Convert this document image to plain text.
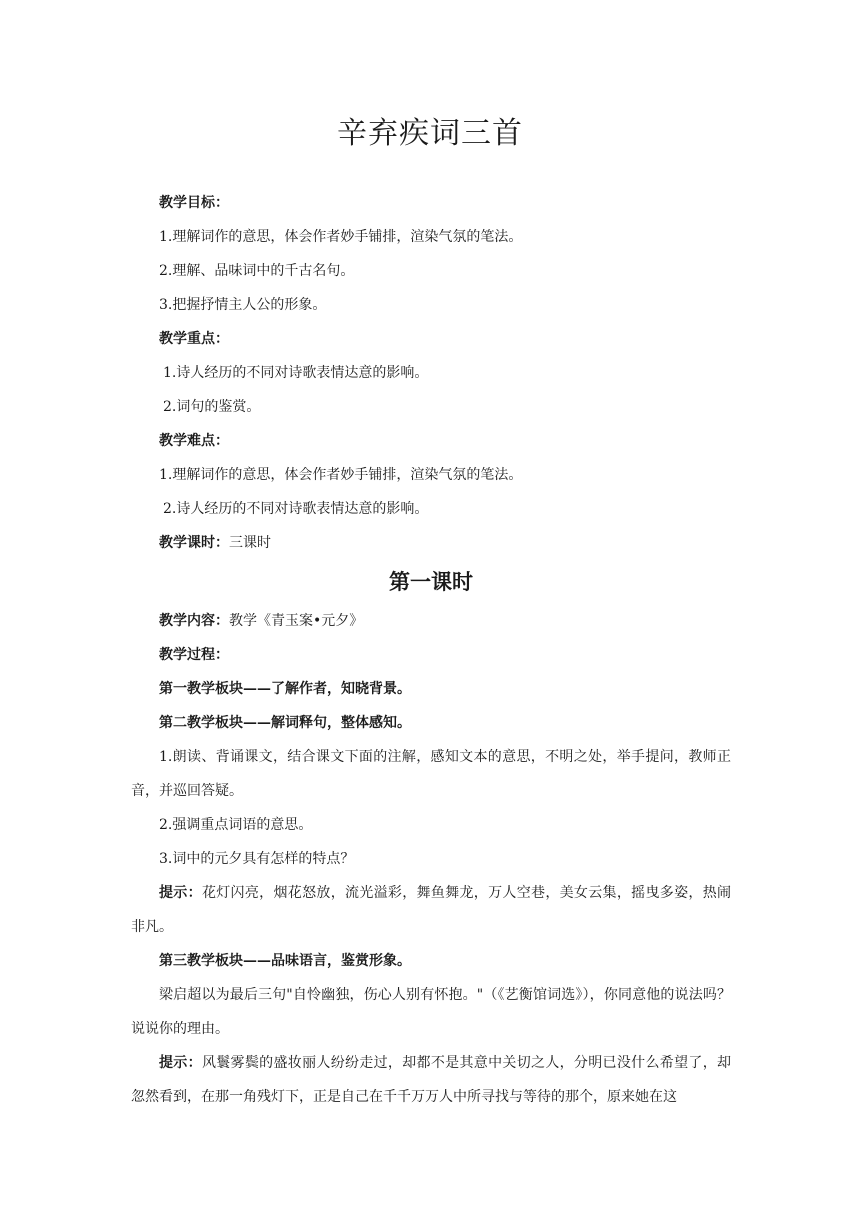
辛弃疾词三首

教学目标：

1.理解词作的意思，体会作者妙手铺排，渲染气氛的笔法。

2.理解、品味词中的千古名句。

3.把握抒情主人公的形象。

教学重点：

1.诗人经历的不同对诗歌表情达意的影响。

2.词句的鉴赏。

教学难点：

1.理解词作的意思，体会作者妙手铺排，渲染气氛的笔法。

2.诗人经历的不同对诗歌表情达意的影响。

教学课时：三课时

第一课时

教学内容：教学《青玉案•元夕》

教学过程：

第一教学板块——了解作者，知晓背景。

第二教学板块——解词释句，整体感知。

1.朗读、背诵课文，结合课文下面的注解，感知文本的意思，不明之处，举手提问，教师正音，并巡回答疑。

2.强调重点词语的意思。

3.词中的元夕具有怎样的特点？

提示：花灯闪亮，烟花怒放，流光溢彩，舞鱼舞龙，万人空巷，美女云集，摇曳多姿，热闹非凡。

第三教学板块——品味语言，鉴赏形象。

梁启超以为最后三句"自怜幽独，伤心人别有怀抱。"（《艺衡馆词选》），你同意他的说法吗？说说你的理由。

提示：风鬟雾鬓的盛妆丽人纷纷走过，却都不是其意中关切之人，分明已没什么希望了，却忽然看到，在那一角残灯下，正是自己在千千万万人中所寻找与等待的那个，原来她在这
